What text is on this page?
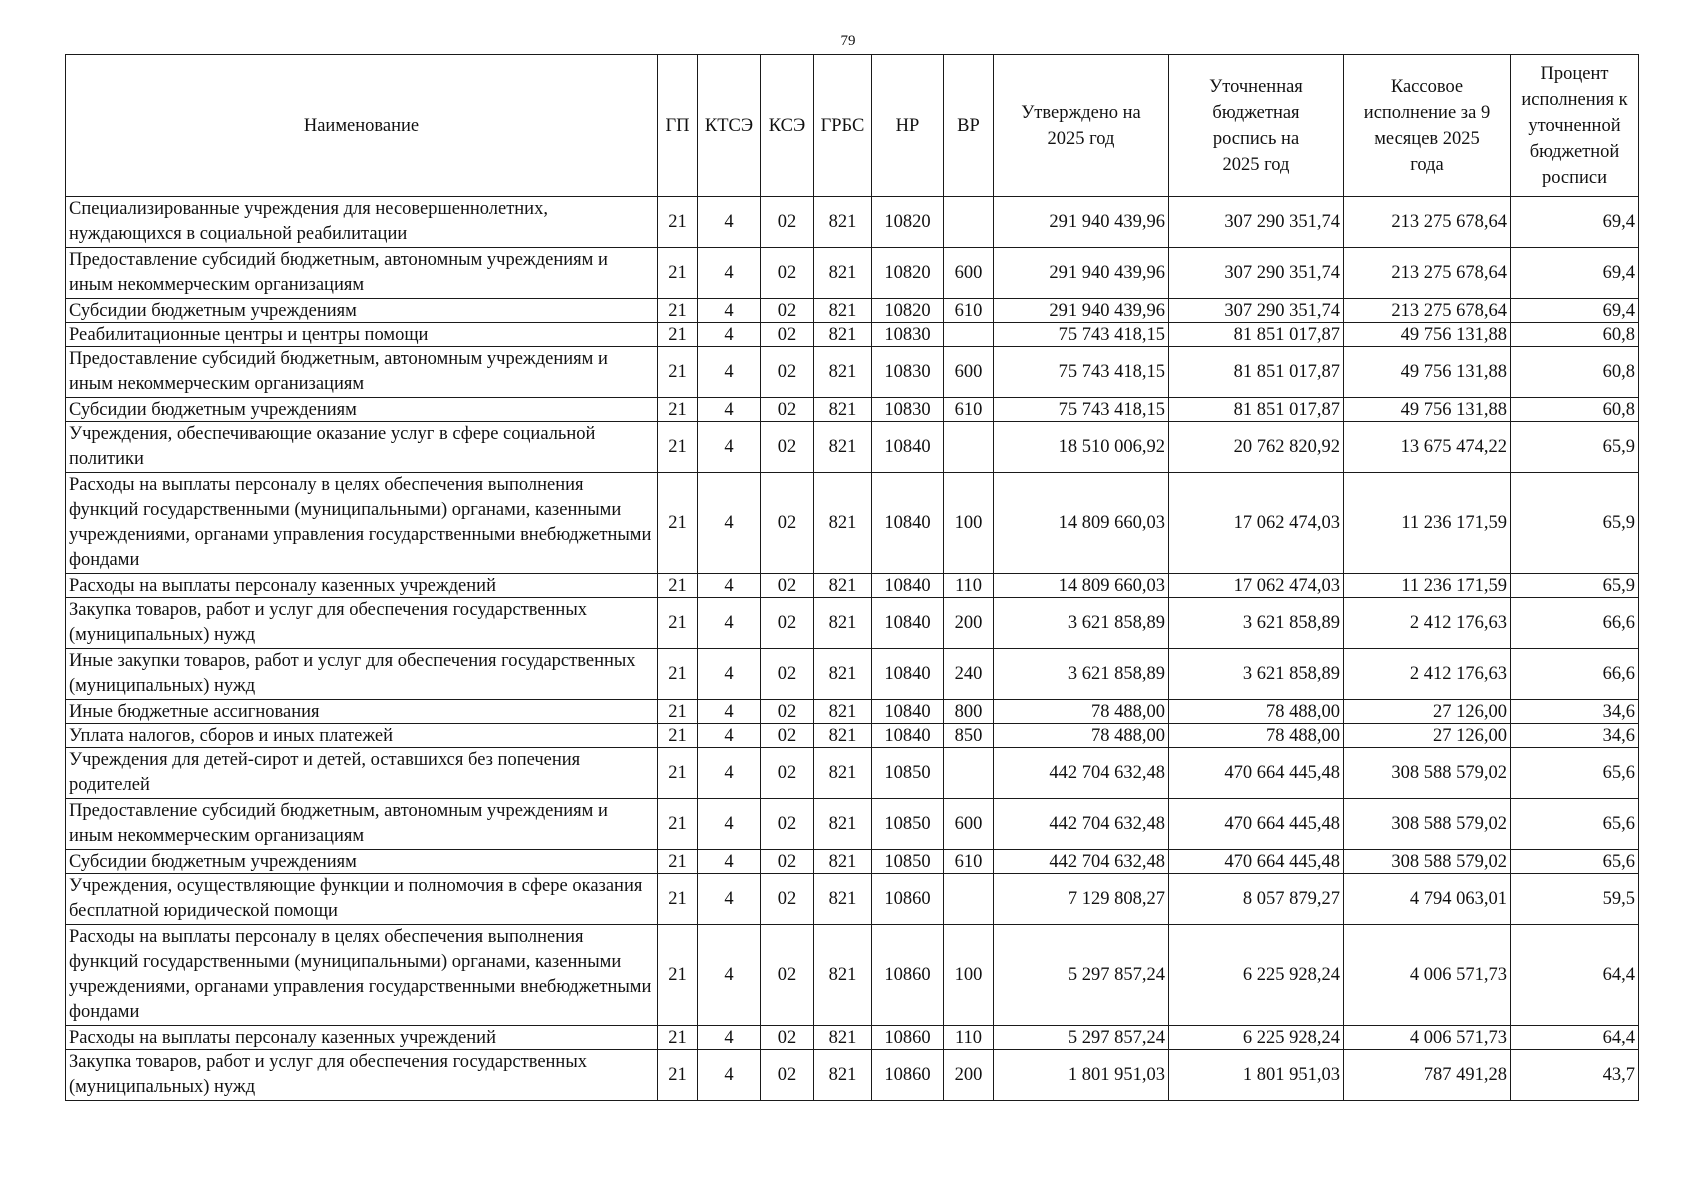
79
Наименование	ГП	КТСЭ	КСЭ	ГРБС	НР	ВР	Утверждено на 2025 год	Уточненная бюджетная роспись на 2025 год	Кассовое исполнение за 9 месяцев 2025 года	Процент исполнения к уточненной бюджетной росписи
Специализированные учреждения для несовершеннолетних, нуждающихся в социальной реабилитации	21	4	02	821	10820		291 940 439,96	307 290 351,74	213 275 678,64	69,4
Предоставление субсидий бюджетным, автономным учреждениям и иным некоммерческим организациям	21	4	02	821	10820	600	291 940 439,96	307 290 351,74	213 275 678,64	69,4
Субсидии бюджетным учреждениям	21	4	02	821	10820	610	291 940 439,96	307 290 351,74	213 275 678,64	69,4
Реабилитационные центры и центры помощи	21	4	02	821	10830		75 743 418,15	81 851 017,87	49 756 131,88	60,8
Предоставление субсидий бюджетным, автономным учреждениям и иным некоммерческим организациям	21	4	02	821	10830	600	75 743 418,15	81 851 017,87	49 756 131,88	60,8
Субсидии бюджетным учреждениям	21	4	02	821	10830	610	75 743 418,15	81 851 017,87	49 756 131,88	60,8
Учреждения, обеспечивающие оказание услуг в сфере социальной политики	21	4	02	821	10840		18 510 006,92	20 762 820,92	13 675 474,22	65,9
Расходы на выплаты персоналу в целях обеспечения выполнения функций государственными (муниципальными) органами, казенными учреждениями, органами управления государственными внебюджетными фондами	21	4	02	821	10840	100	14 809 660,03	17 062 474,03	11 236 171,59	65,9
Расходы на выплаты персоналу казенных учреждений	21	4	02	821	10840	110	14 809 660,03	17 062 474,03	11 236 171,59	65,9
Закупка товаров, работ и услуг для обеспечения государственных (муниципальных) нужд	21	4	02	821	10840	200	3 621 858,89	3 621 858,89	2 412 176,63	66,6
Иные закупки товаров, работ и услуг для обеспечения государственных (муниципальных) нужд	21	4	02	821	10840	240	3 621 858,89	3 621 858,89	2 412 176,63	66,6
Иные бюджетные ассигнования	21	4	02	821	10840	800	78 488,00	78 488,00	27 126,00	34,6
Уплата налогов, сборов и иных платежей	21	4	02	821	10840	850	78 488,00	78 488,00	27 126,00	34,6
Учреждения для детей-сирот и детей, оставшихся без попечения родителей	21	4	02	821	10850		442 704 632,48	470 664 445,48	308 588 579,02	65,6
Предоставление субсидий бюджетным, автономным учреждениям и иным некоммерческим организациям	21	4	02	821	10850	600	442 704 632,48	470 664 445,48	308 588 579,02	65,6
Субсидии бюджетным учреждениям	21	4	02	821	10850	610	442 704 632,48	470 664 445,48	308 588 579,02	65,6
Учреждения, осуществляющие функции и полномочия в сфере оказания бесплатной юридической помощи	21	4	02	821	10860		7 129 808,27	8 057 879,27	4 794 063,01	59,5
Расходы на выплаты персоналу в целях обеспечения выполнения функций государственными (муниципальными) органами, казенными учреждениями, органами управления государственными внебюджетными фондами	21	4	02	821	10860	100	5 297 857,24	6 225 928,24	4 006 571,73	64,4
Расходы на выплаты персоналу казенных учреждений	21	4	02	821	10860	110	5 297 857,24	6 225 928,24	4 006 571,73	64,4
Закупка товаров, работ и услуг для обеспечения государственных (муниципальных) нужд	21	4	02	821	10860	200	1 801 951,03	1 801 951,03	787 491,28	43,7
